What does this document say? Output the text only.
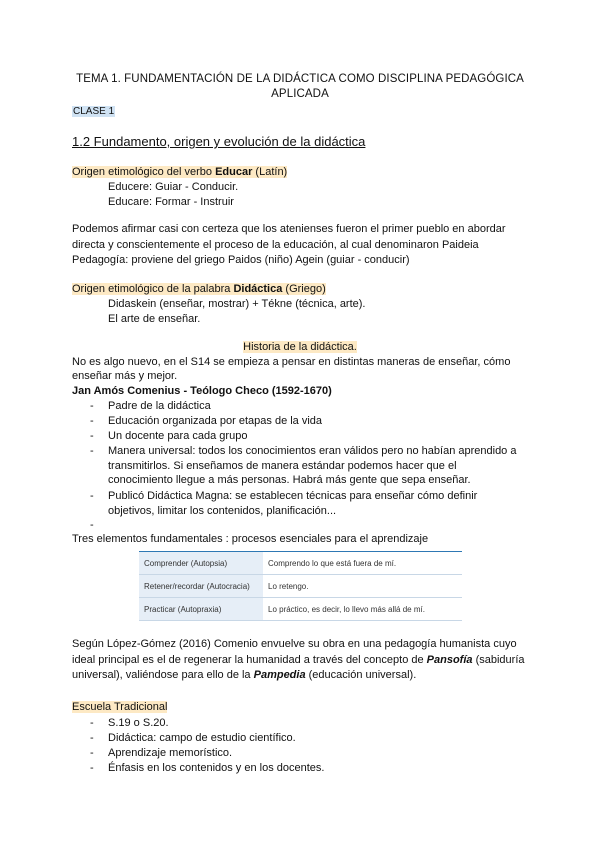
TEMA 1. FUNDAMENTACIÓN DE LA DIDÁCTICA COMO DISCIPLINA PEDAGÓGICA APLICADA
CLASE 1
1.2 Fundamento, origen y evolución de la didáctica
Origen etimológico del verbo Educar (Latín)
Educere: Guiar - Conducir.
Educare: Formar - Instruir
Podemos afirmar casi con certeza que los atenienses fueron el primer pueblo en abordar directa y conscientemente el proceso de la educación, al cual denominaron Paideia Pedagogía: proviene del griego Paidos (niño) Agein (guiar - conducir)
Origen etimológico de la palabra Didáctica (Griego)
Didaskein (enseñar, mostrar) + Tékne (técnica, arte).
El arte de enseñar.
Historia de la didáctica.
No es algo nuevo, en el S14 se empieza a pensar en distintas maneras de enseñar, cómo enseñar más y mejor.
Jan Amós Comenius - Teólogo Checo (1592-1670)
- Padre de la didáctica
- Educación organizada por etapas de la vida
- Un docente para cada grupo
- Manera universal: todos los conocimientos eran válidos pero no habían aprendido a transmitirlos. Si enseñamos de manera estándar podemos hacer que el conocimiento llegue a más personas. Habrá más gente que sepa enseñar.
- Publicó Didáctica Magna: se establecen técnicas para enseñar cómo definir objetivos, limitar los contenidos, planificación...
-
Tres elementos fundamentales : procesos esenciales para el aprendizaje
Comprender (Autopsia)	Comprendo lo que está fuera de mí.
Retener/recordar (Autocracia)	Lo retengo.
Practicar (Autopraxia)	Lo práctico, es decir, lo llevo más allá de mí.
Según López-Gómez (2016) Comenio envuelve su obra en una pedagogía humanista cuyo ideal principal es el de regenerar la humanidad a través del concepto de Pansofía (sabiduría universal), valiéndose para ello de la Pampedia (educación universal).
Escuela Tradicional
- S.19 o S.20.
- Didáctica: campo de estudio científico.
- Aprendizaje memorístico.
- Énfasis en los contenidos y en los docentes.
